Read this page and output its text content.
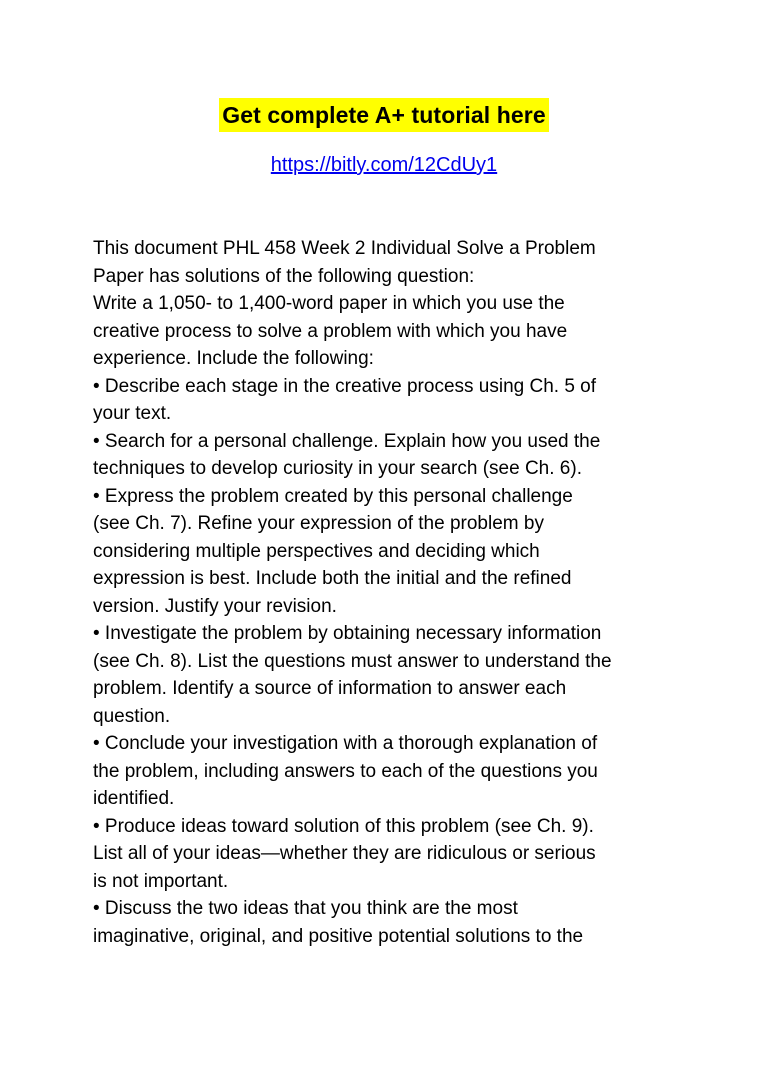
Get complete A+ tutorial here
https://bitly.com/12CdUy1
This document PHL 458 Week 2 Individual Solve a Problem
Paper has solutions of the following question:
Write a 1,050- to 1,400-word paper in which you use the
creative process to solve a problem with which you have
experience. Include the following:
• Describe each stage in the creative process using Ch. 5 of
your text.
• Search for a personal challenge. Explain how you used the
techniques to develop curiosity in your search (see Ch. 6).
• Express the problem created by this personal challenge
(see Ch. 7). Refine your expression of the problem by
considering multiple perspectives and deciding which
expression is best. Include both the initial and the refined
version. Justify your revision.
• Investigate the problem by obtaining necessary information
(see Ch. 8). List the questions must answer to understand the
problem. Identify a source of information to answer each
question.
• Conclude your investigation with a thorough explanation of
the problem, including answers to each of the questions you
identified.
• Produce ideas toward solution of this problem (see Ch. 9).
List all of your ideas—whether they are ridiculous or serious
is not important.
• Discuss the two ideas that you think are the most
imaginative, original, and positive potential solutions to the
